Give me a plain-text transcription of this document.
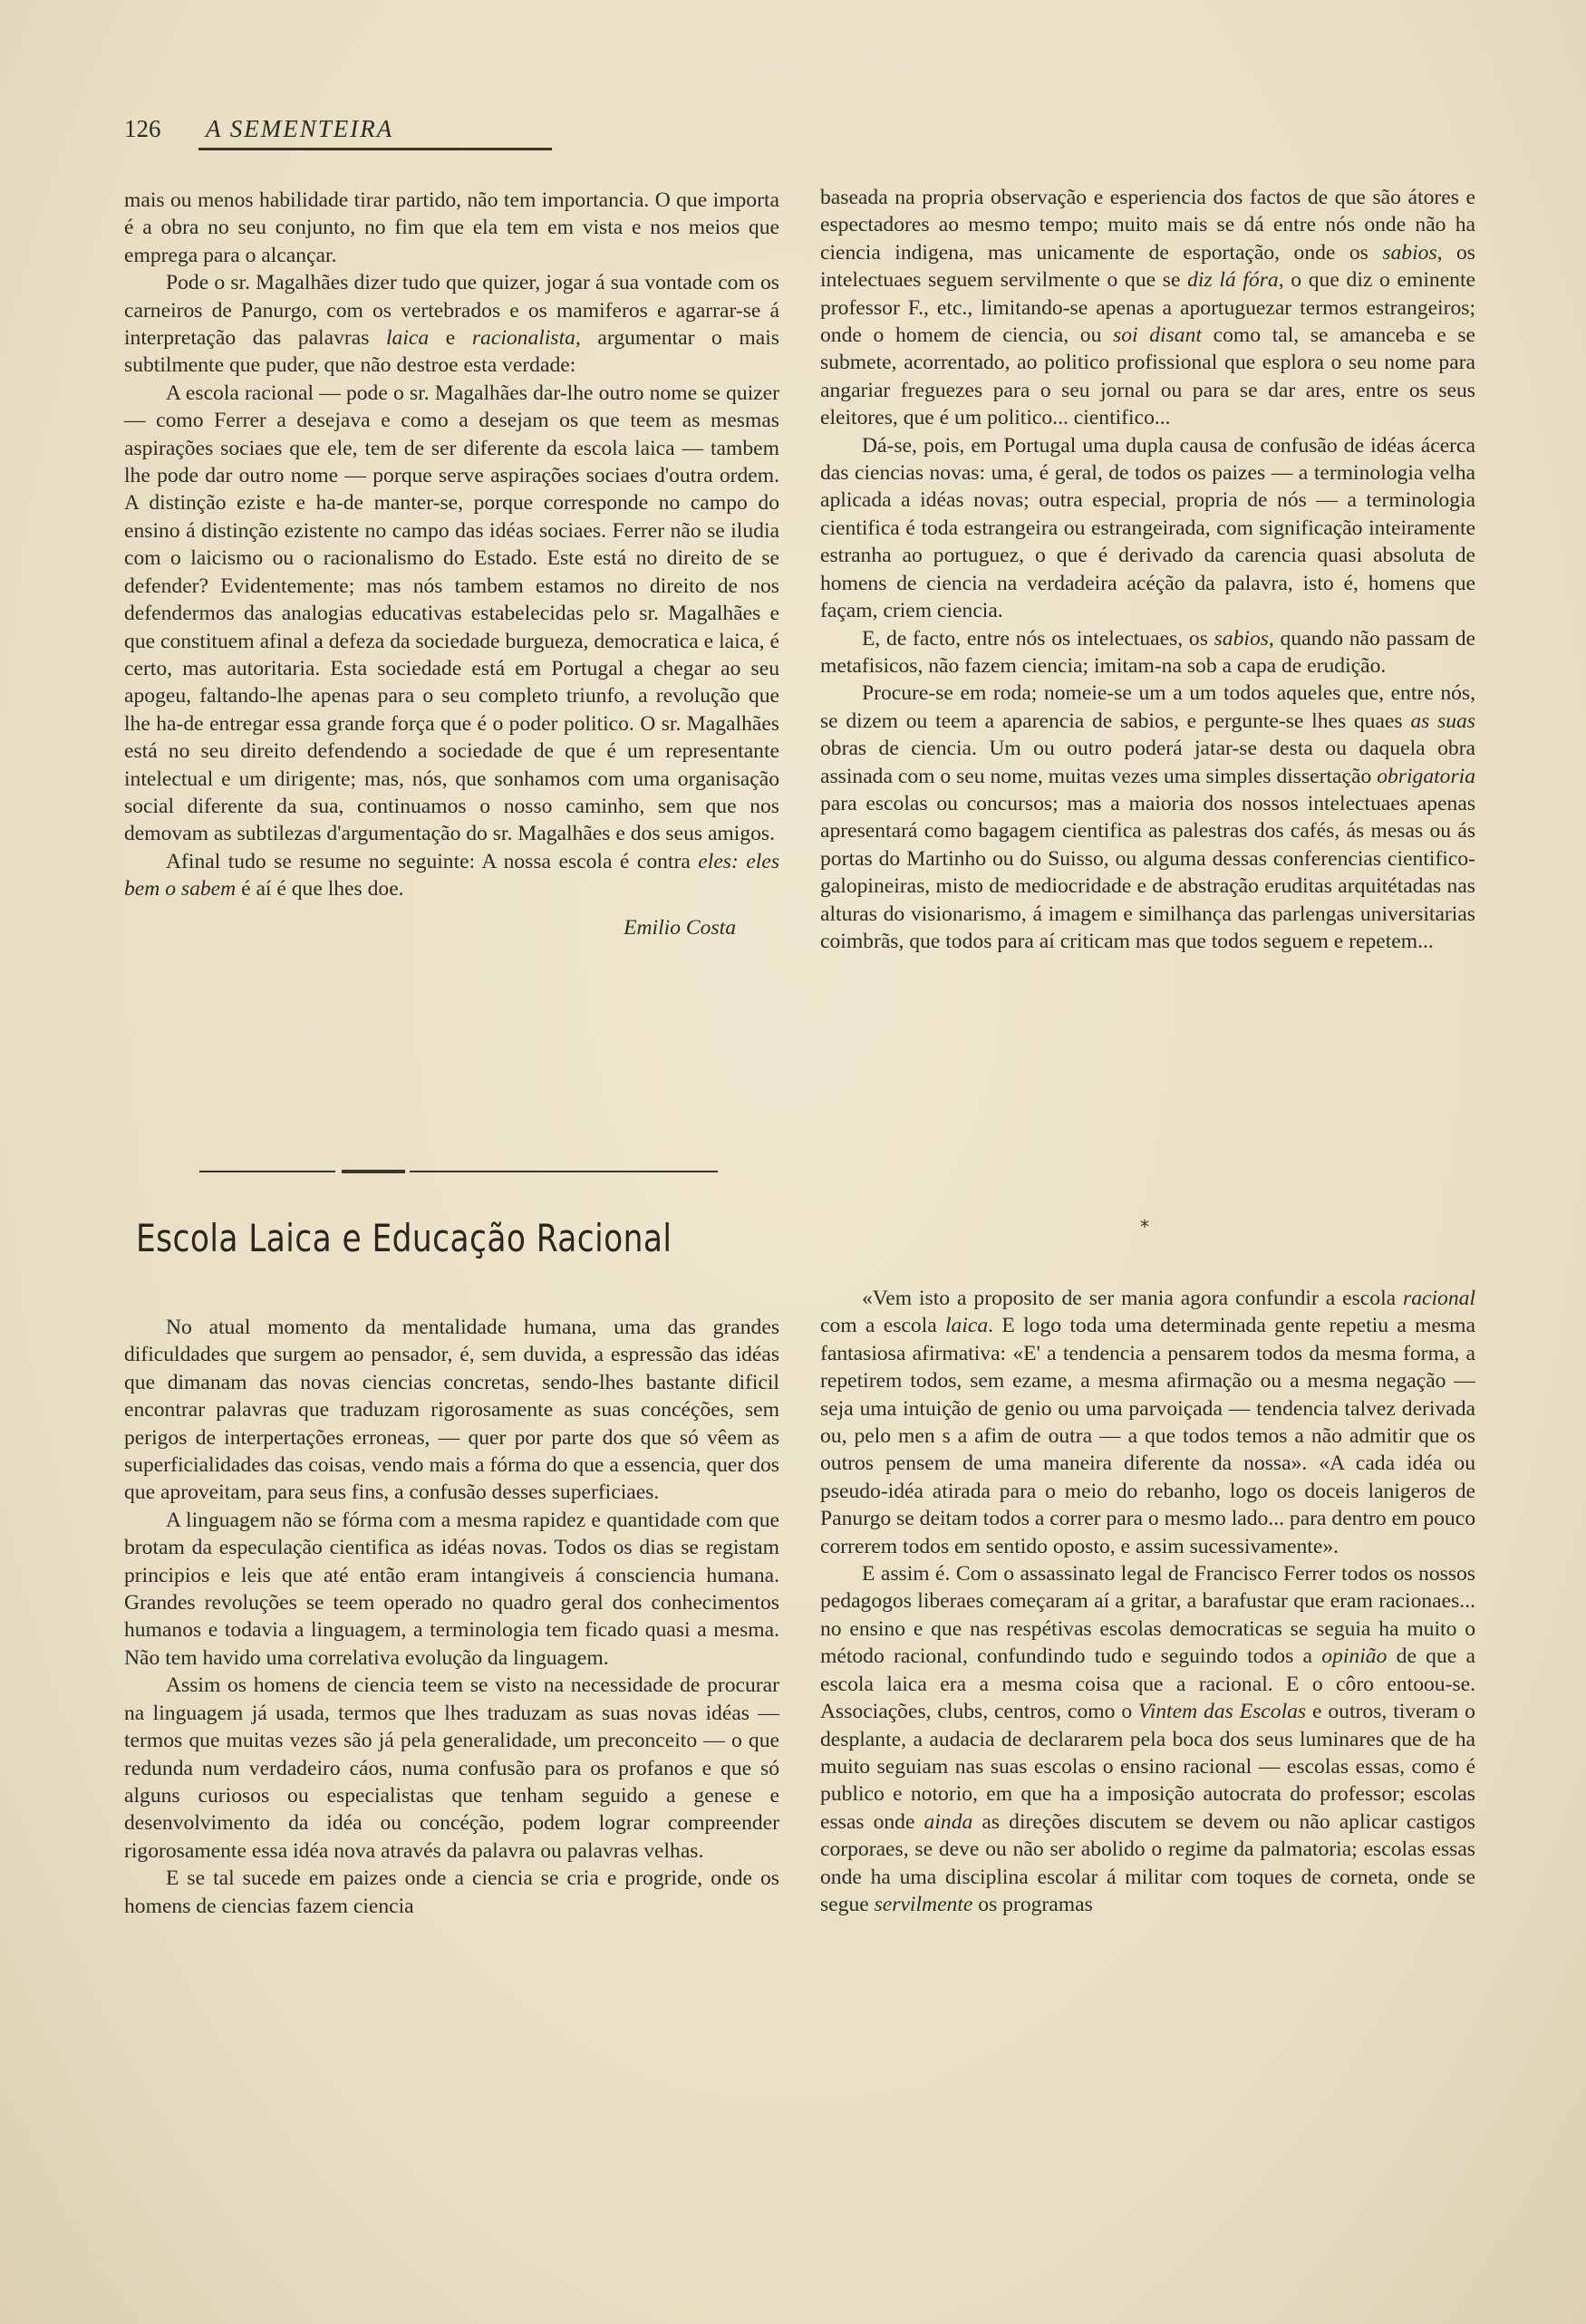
126 A SEMENTEIRA

mais ou menos habilidade tirar partido, não tem importancia. O que importa é a obra no seu conjunto, no fim que ela tem em vista e nos meios que emprega para o alcançar.

Pode o sr. Magalhães dizer tudo que quizer, jogar á sua vontade com os carneiros de Panurgo, com os vertebrados e os mamiferos e agarrar-se á interpretação das palavras laica e racionalista, argumentar o mais subtilmente que puder, que não destroe esta verdade:

A escola racional — pode o sr. Magalhães dar-lhe outro nome se quizer — como Ferrer a desejava e como a desejam os que teem as mesmas aspirações sociaes que ele, tem de ser diferente da escola laica — tambem lhe pode dar outro nome — porque serve aspirações sociaes d'outra ordem. A distinção eziste e ha-de manter-se, porque corresponde no campo do ensino á distinção ezistente no campo das idéas sociaes. Ferrer não se iludia com o laicismo ou o racionalismo do Estado. Este está no direito de se defender? Evidentemente; mas nós tambem estamos no direito de nos defendermos das analogias educativas estabelecidas pelo sr. Magalhães e que constituem afinal a defeza da sociedade burgueza, democratica e laica, é certo, mas autoritaria. Esta sociedade está em Portugal a chegar ao seu apogeu, faltando-lhe apenas para o seu completo triunfo, a revolução que lhe ha-de entregar essa grande força que é o poder politico. O sr. Magalhães está no seu direito defendendo a sociedade de que é um representante intelectual e um dirigente; mas, nós, que sonhamos com uma organisação social diferente da sua, continuamos o nosso caminho, sem que nos demovam as subtilezas d'argumentação do sr. Magalhães e dos seus amigos.

Afinal tudo se resume no seguinte: A nossa escola é contra eles: eles bem o sabem é aí é que lhes doe.

Emilio Costa

Escola Laica e Educação Racional

No atual momento da mentalidade humana, uma das grandes dificuldades que surgem ao pensador, é, sem duvida, a espressão das idéas que dimanam das novas ciencias concretas, sendo-lhes bastante dificil encontrar palavras que traduzam rigorosamente as suas concéções, sem perigos de interpertações erroneas, — quer por parte dos que só vêem as superficialidades das coisas, vendo mais a fórma do que a essencia, quer dos que aproveitam, para seus fins, a confusão desses superficiaes.

A linguagem não se fórma com a mesma rapidez e quantidade com que brotam da especulação cientifica as idéas novas. Todos os dias se registam principios e leis que até então eram intangiveis á consciencia humana. Grandes revoluções se teem operado no quadro geral dos conhecimentos humanos e todavia a linguagem, a terminologia tem ficado quasi a mesma. Não tem havido uma correlativa evolução da linguagem.

Assim os homens de ciencia teem se visto na necessidade de procurar na linguagem já usada, termos que lhes traduzam as suas novas idéas — termos que muitas vezes são já pela generalidade, um preconceito — o que redunda num verdadeiro cáos, numa confusão para os profanos e que só alguns curiosos ou especialistas que tenham seguido a genese e desenvolvimento da idéa ou concéção, podem lograr compreender rigorosamente essa idéa nova através da palavra ou palavras velhas.

E se tal sucede em paizes onde a ciencia se cria e progride, onde os homens de ciencias fazem ciencia

baseada na propria observação e esperiencia dos factos de que são átores e espectadores ao mesmo tempo; muito mais se dá entre nós onde não ha ciencia indigena, mas unicamente de esportação, onde os sabios, os intelectuaes seguem servilmente o que se diz lá fóra, o que diz o eminente professor F., etc., limitando-se apenas a aportuguezar termos estrangeiros; onde o homem de ciencia, ou soi disant como tal, se amanceba e se submete, acorrentado, ao politico profissional que esplora o seu nome para angariar freguezes para o seu jornal ou para se dar ares, entre os seus eleitores, que é um politico... cientifico...

Dá-se, pois, em Portugal uma dupla causa de confusão de idéas ácerca das ciencias novas: uma, é geral, de todos os paizes — a terminologia velha aplicada a idéas novas; outra especial, propria de nós — a terminologia cientifica é toda estrangeira ou estrangeirada, com significação inteiramente estranha ao portuguez, o que é derivado da carencia quasi absoluta de homens de ciencia na verdadeira acéção da palavra, isto é, homens que façam, criem ciencia.

E, de facto, entre nós os intelectuaes, os sabios, quando não passam de metafisicos, não fazem ciencia; imitam-na sob a capa de erudição.

Procure-se em roda; nomeie-se um a um todos aqueles que, entre nós, se dizem ou teem a aparencia de sabios, e pergunte-se lhes quaes as suas obras de ciencia. Um ou outro poderá jatar-se desta ou daquela obra assinada com o seu nome, muitas vezes uma simples dissertação obrigatoria para escolas ou concursos; mas a maioria dos nossos intelectuaes apenas apresentará como bagagem cientifica as palestras dos cafés, ás mesas ou ás portas do Martinho ou do Suisso, ou alguma dessas conferencias cientifico-galopineiras, misto de mediocridade e de abstração eruditas arquitétadas nas alturas do visionarismo, á imagem e similhança das parlengas universitarias coimbrãs, que todos para aí criticam mas que todos seguem e repetem...

*

«Vem isto a proposito de ser mania agora confundir a escola racional com a escola laica. E logo toda uma determinada gente repetiu a mesma fantasiosa afirmativa: «E' a tendencia a pensarem todos da mesma forma, a repetirem todos, sem ezame, a mesma afirmação ou a mesma negação — seja uma intuição de genio ou uma parvoiçada — tendencia talvez derivada ou, pelo men s a afim de outra — a que todos temos a não admitir que os outros pensem de uma maneira diferente da nossa». «A cada idéa ou pseudo-idéa atirada para o meio do rebanho, logo os doceis lanigeros de Panurgo se deitam todos a correr para o mesmo lado... para dentro em pouco correrem todos em sentido oposto, e assim sucessivamente».

E assim é. Com o assassinato legal de Francisco Ferrer todos os nossos pedagogos liberaes começaram aí a gritar, a barafustar que eram racionaes... no ensino e que nas respétivas escolas democraticas se seguia ha muito o método racional, confundindo tudo e seguindo todos a opinião de que a escola laica era a mesma coisa que a racional. E o côro entoou-se. Associações, clubs, centros, como o Vintem das Escolas e outros, tiveram o desplante, a audacia de declararem pela boca dos seus luminares que de ha muito seguiam nas suas escolas o ensino racional — escolas essas, como é publico e notorio, em que ha a imposição autocrata do professor; escolas essas onde ainda as direções discutem se devem ou não aplicar castigos corporaes, se deve ou não ser abolido o regime da palmatoria; escolas essas onde ha uma disciplina escolar á militar com toques de corneta, onde se segue servilmente os programas
